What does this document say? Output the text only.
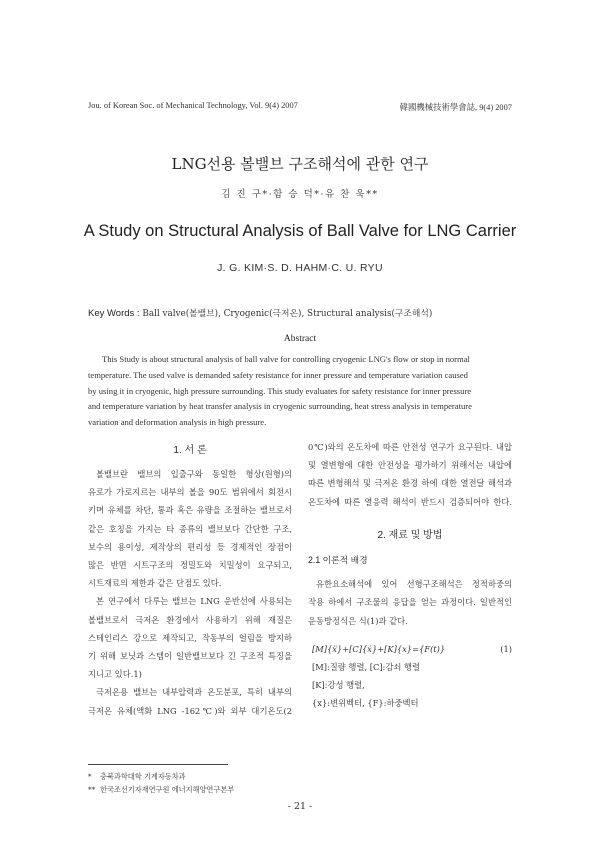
Jou. of Korean Soc. of Mechanical Technology, Vol. 9(4) 2007	韓國機械技術學會誌, 9(4) 2007
LNG선용 볼밸브 구조해석에 관한 연구
김 진 구*·함 승 덕*·유 찬 욱**
A Study on Structural Analysis of Ball Valve for LNG Carrier
J. G. KIM·S. D. HAHM·C. U. RYU
Key Words : Ball valve(볼밸브), Cryogenic(극저온), Structural analysis(구조해석)
Abstract
This Study is about structural analysis of ball valve for controlling cryogenic LNG's flow or stop in normal
temperature. The used valve is demanded safety resistance for inner pressure and temperature variation caused
by using it in cryogenic, high pressure surrounding. This study evaluates for safety resistance for inner pressure
and temperature variation by heat transfer analysis in cryogenic surrounding, heat stress analysis in temperature
variation and deformation analysis in high pressure.
1. 서 론
볼밸브란 밸브의 입출구와 동일한 형상(원형)의
유로가 가로지르는 내부의 볼을 90도 범위에서 회전시
키며 유체를 차단, 통과 혹은 유량을 조절하는 밸브로서
같은 호칭을 가지는 타 종류의 밸브보다 간단한 구조,
보수의 용이성, 제작상의 편리성 등 경제적인 장점이
많은 반면 시트구조의 정밀도와 치밀성이 요구되고,
시트재료의 제한과 같은 단점도 있다.
본 연구에서 다루는 밸브는 LNG 운반선에 사용되는
볼밸브로서 극저온 환경에서 사용하기 위해 재질은
스테인리스 강으로 제작되고, 작동부의 얼림을 방지하
기 위해 보닛과 스템이 일반밸브보다 긴 구조적 특징을
지니고 있다.1)
극저온용 밸브는 내부압력과 온도분포, 특히 내부의
극저온 유체(액화 LNG -162℃)와 외부 대기온도(2
0℃)와의 온도차에 따른 안전성 연구가 요구된다. 내압
및 열변형에 대한 안전성을 평가하기 위해서는 내압에
따른 변형해석 및 극저온 환경 하에 대한 열전달 해석과
온도차에 따른 열응력 해석이 반드시 검증되어야 한다.
2. 재료 및 방법
2.1 이론적 배경
유한요소해석에 있어 선형구조해석은 정적하중의
작용 하에서 구조물의 응답을 얻는 과정이다. 일반적인
운동방정식은 식(1)과 같다.
[M]{ẍ}+[C]{ẋ}+[K]{x}={F(t)}	(1)
[M]:질량 행렬, [C]:감쇠 행렬
[K]:강성 행렬,
{x}:변위벡터, {F}:하중벡터
* 충북과학대학 기계자동차과
** 한국조선기자재연구원 에너지해양연구본부
- 21 -
